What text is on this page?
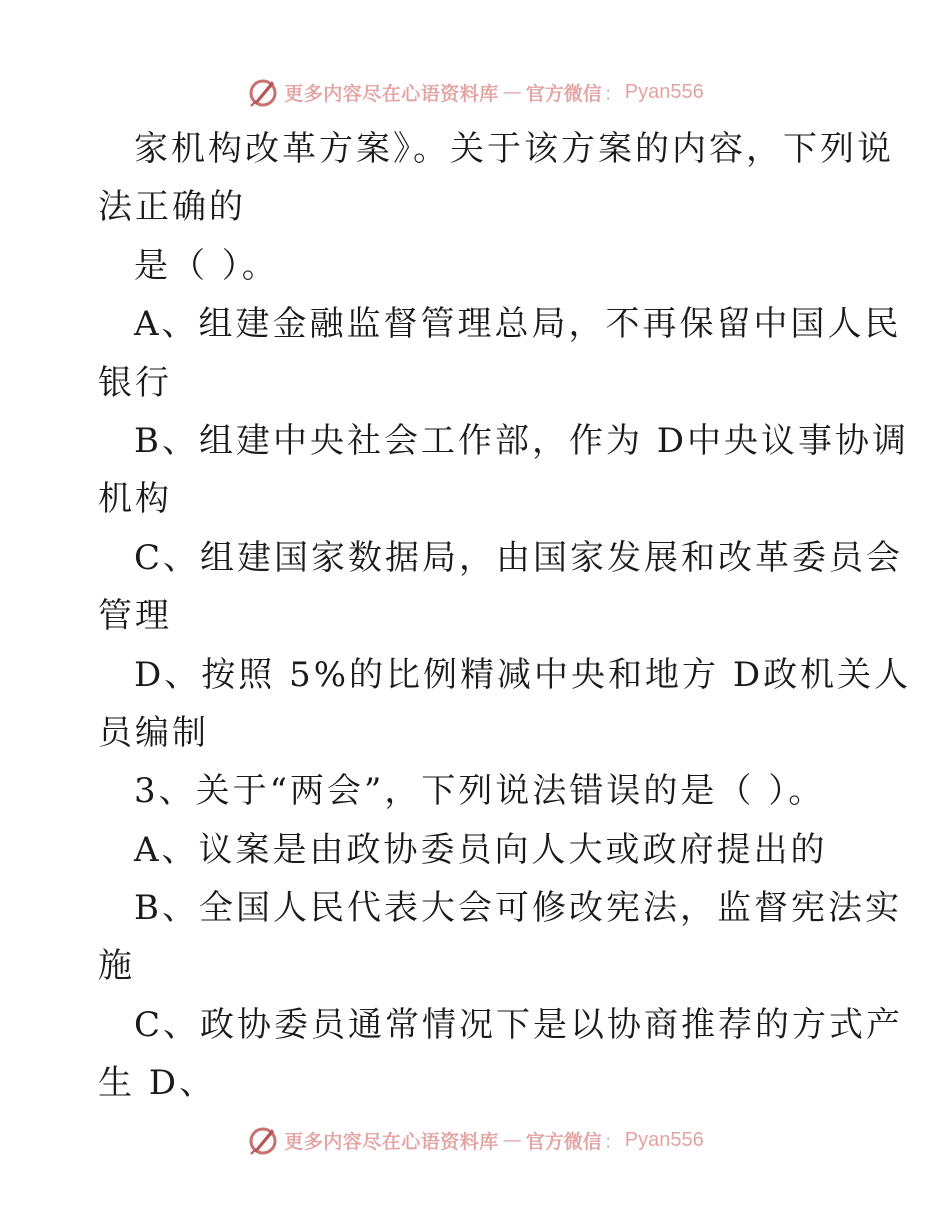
更多内容尽在心语资料库 — 官方微信 ： Pyan556
家机构改革方案》。关于该方案的内容，下列说
法正确的
是（ ）。
A、组建金融监督管理总局，不再保留中国人民
银行
B、组建中央社会工作部，作为 D中央议事协调
机构
C、组建国家数据局，由国家发展和改革委员会
管理
D、按照 5%的比例精减中央和地方 D政机关人
员编制
3、关于“两会”，下列说法错误的是（ ）。
A、议案是由政协委员向人大或政府提出的
B、全国人民代表大会可修改宪法，监督宪法实
施
C、政协委员通常情况下是以协商推荐的方式产
生 D、
更多内容尽在心语资料库 — 官方微信 ： Pyan556
